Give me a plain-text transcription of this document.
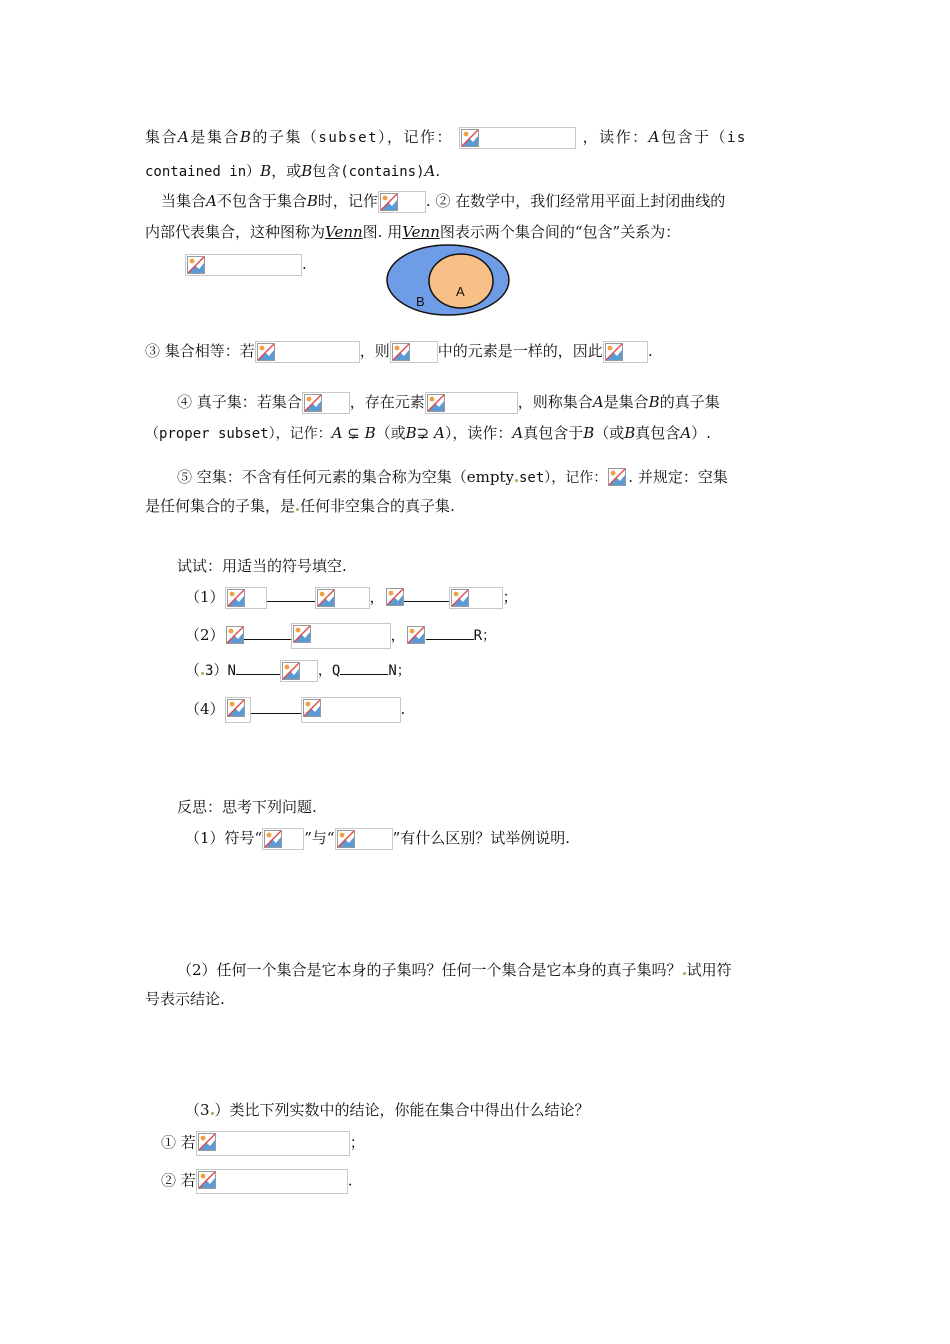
集合A是集合B的子集（subset），记作：	，读作：A包含于（is
contained in）B，或B包含(contains)A.
当集合A不包含于集合B时，记作	. ② 在数学中，我们经常用平面上封闭曲线的
内部代表集合，这种图称为Venn图. 用Venn图表示两个集合间的“包含”关系为：
.
B
A
③ 集合相等：若	，则	中的元素是一样的，因此	.
④ 真子集：若集合	，存在元素	，则称集合A是集合B的真子集
（proper subset），记作：A ⊊ B（或B⊋ A），读作：A真包含于B（或B真包含A）.
⑤ 空集：不含有任何元素的集合称为空集（empty set），记作： . 并规定：空集
是任何集合的子集，是 任何非空集合的真子集.
试试：用适当的符号填空.
（1）	，	；
（2）	，	R；
（ 3）N	，Q	N；
（4）	.
反思：思考下列问题.
（1）符号“	”与“	”有什么区别？试举例说明.
（2）任何一个集合是它本身的子集吗？任何一个集合是它本身的真子集吗？ 试用符
号表示结论.
（3 ）类比下列实数中的结论，你能在集合中得出什么结论？
① 若	；
② 若	.
